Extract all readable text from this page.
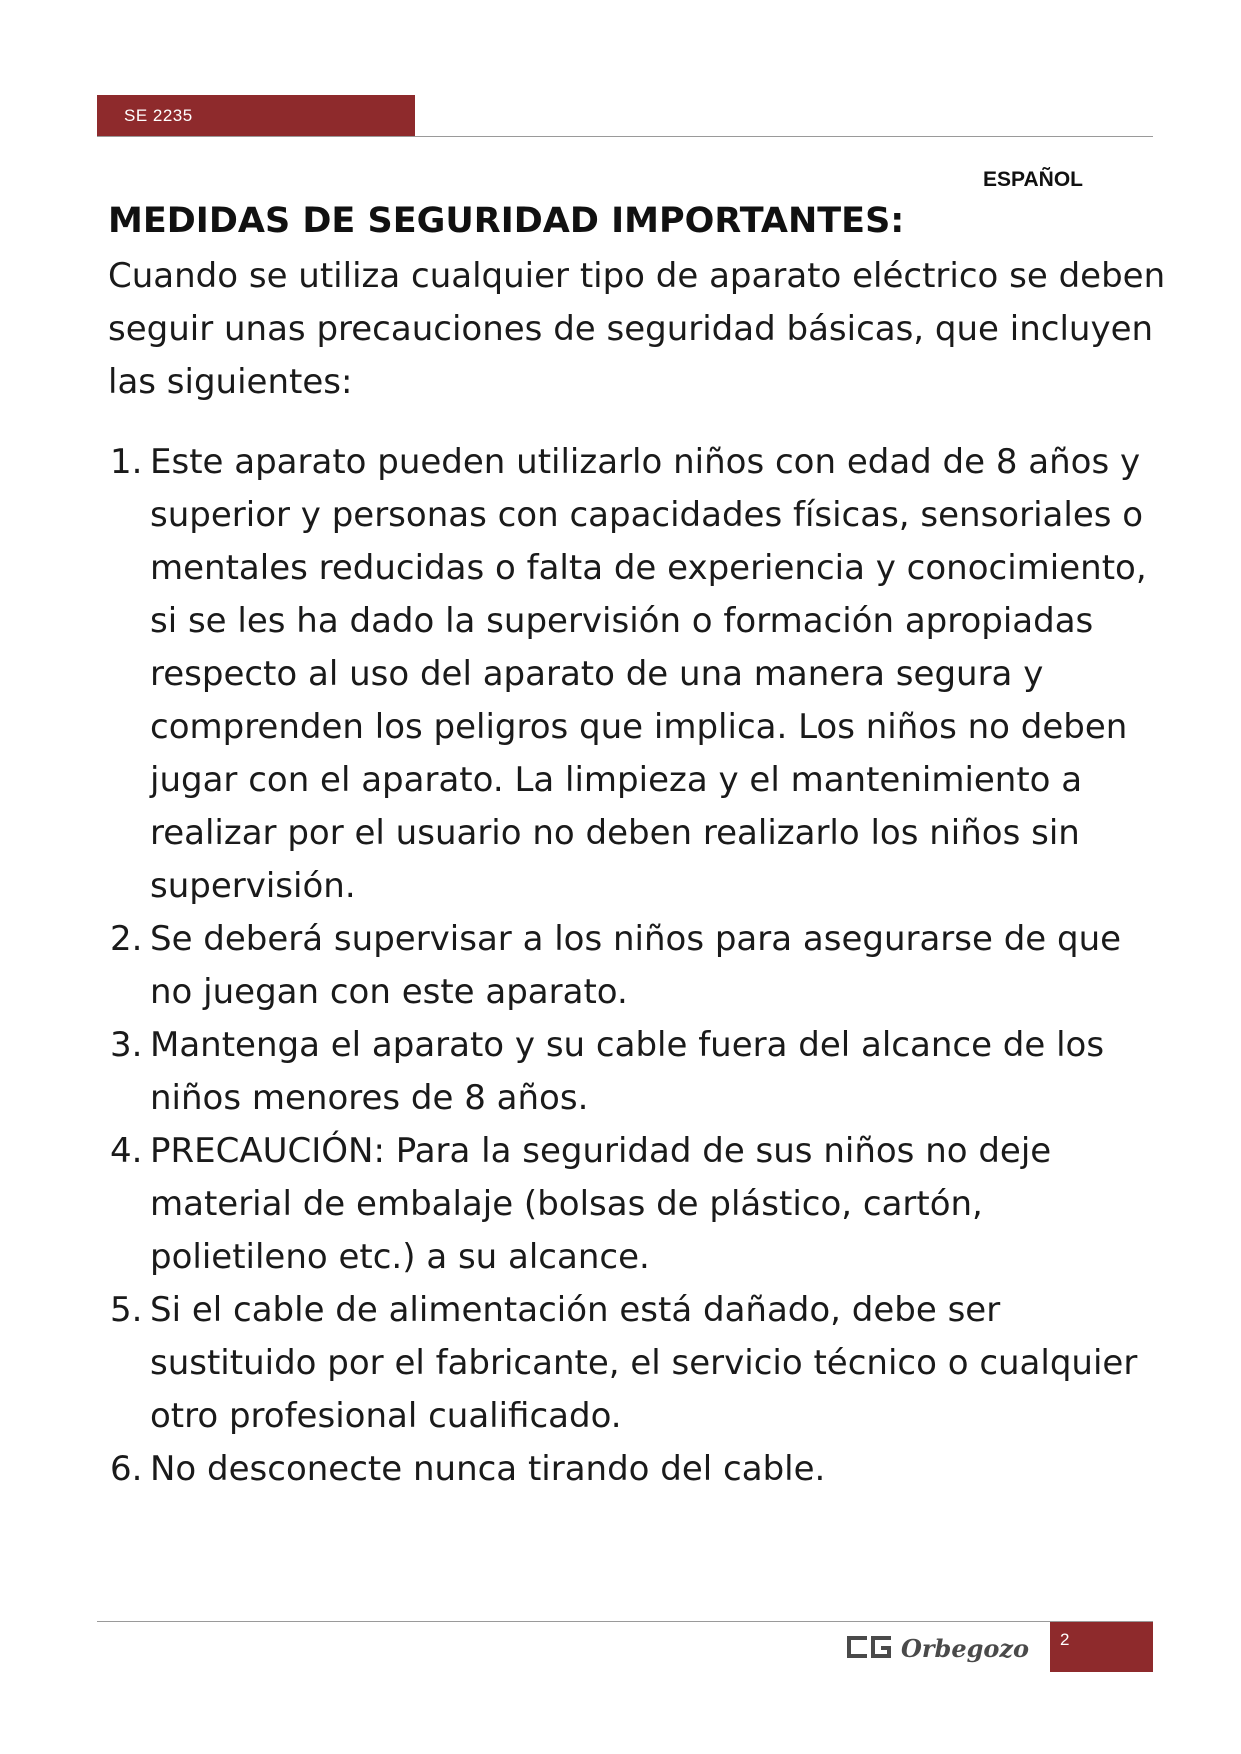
SE 2235
ESPAÑOL
MEDIDAS DE SEGURIDAD IMPORTANTES:

Cuando se utiliza cualquier tipo de aparato eléctrico se deben seguir unas precauciones de seguridad básicas, que incluyen las siguientes:

1. Este aparato pueden utilizarlo niños con edad de 8 años y superior y personas con capacidades físicas, sensoriales o mentales reducidas o falta de experiencia y conocimiento, si se les ha dado la supervisión o formación apropiadas respecto al uso del aparato de una manera segura y comprenden los peligros que implica. Los niños no deben jugar con el aparato. La limpieza y el mantenimiento a realizar por el usuario no deben realizarlo los niños sin supervisión.
2. Se deberá supervisar a los niños para asegurarse de que no juegan con este aparato.
3. Mantenga el aparato y su cable fuera del alcance de los niños menores de 8 años.
4. PRECAUCIÓN: Para la seguridad de sus niños no deje material de embalaje (bolsas de plástico, cartón, polietileno etc.) a su alcance.
5. Si el cable de alimentación está dañado, debe ser sustituido por el fabricante, el servicio técnico o cualquier otro profesional cualificado.
6. No desconecte nunca tirando del cable.
Orbegozo 2
